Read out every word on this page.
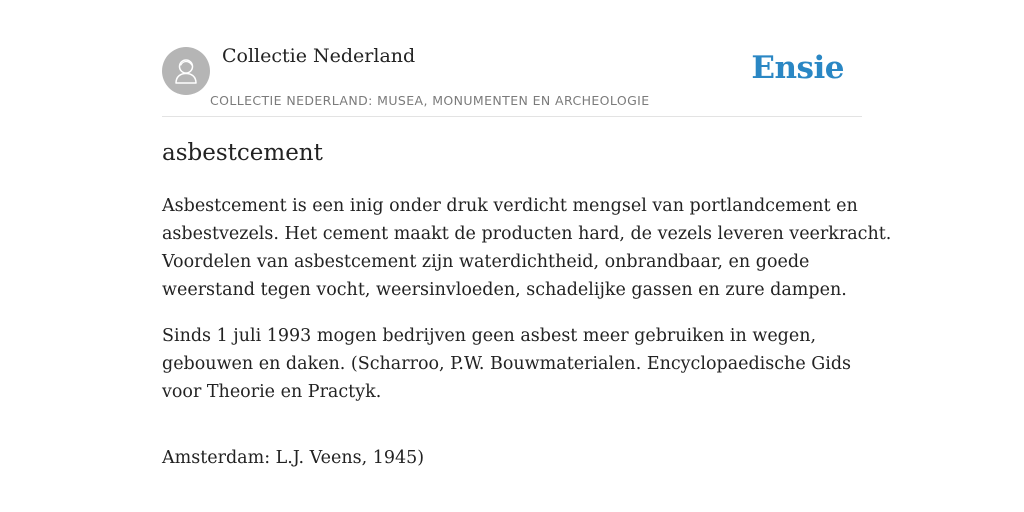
Collectie Nederland
COLLECTIE NEDERLAND: MUSEA, MONUMENTEN EN ARCHEOLOGIE
Ensie
asbestcement

Asbestcement is een inig onder druk verdicht mengsel van portlandcement en
asbestvezels. Het cement maakt de producten hard, de vezels leveren veerkracht.
Voordelen van asbestcement zijn waterdichtheid, onbrandbaar, en goede
weerstand tegen vocht, weersinvloeden, schadelijke gassen en zure dampen.

Sinds 1 juli 1993 mogen bedrijven geen asbest meer gebruiken in wegen,
gebouwen en daken. (Scharroo, P.W. Bouwmaterialen. Encyclopaedische Gids
voor Theorie en Practyk.

Amsterdam: L.J. Veens, 1945)
